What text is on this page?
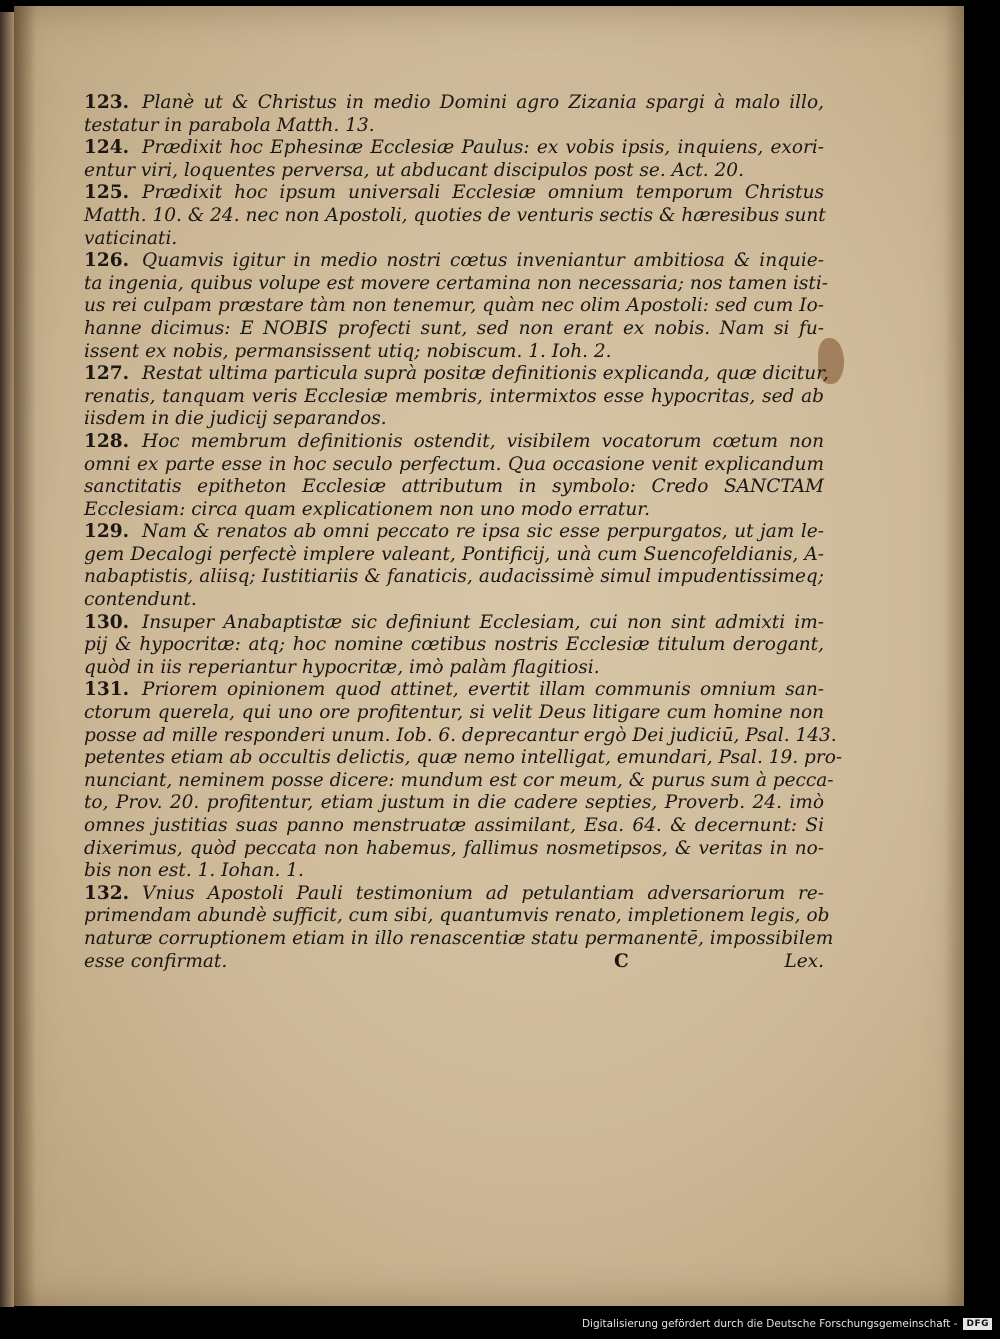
123. Planè ut & Christus in medio Domini agro Zizania spargi à malo illo,
testatur in parabola Matth. 13.
124. Prædixit hoc Ephesinæ Ecclesiæ Paulus: ex vobis ipsis, inquiens, exori-
entur viri, loquentes perversa, ut abducant discipulos post se. Act. 20.
125. Prædixit hoc ipsum universali Ecclesiæ omnium temporum Christus
Matth. 10. & 24. nec non Apostoli, quoties de venturis sectis & hæresibus sunt
vaticinati.
126. Quamvis igitur in medio nostri cœtus inveniantur ambitiosa & inquie-
ta ingenia, quibus volupe est movere certamina non necessaria; nos tamen isti-
us rei culpam præstare tàm non tenemur, quàm nec olim Apostoli: sed cum Io-
hanne dicimus: E NOBIS profecti sunt, sed non erant ex nobis. Nam si fu-
issent ex nobis, permansissent utiq; nobiscum. 1. Ioh. 2.
127. Restat ultima particula suprà positæ definitionis explicanda, quæ dicitur,
renatis, tanquam veris Ecclesiæ membris, intermixtos esse hypocritas, sed ab
iisdem in die judicij separandos.
128. Hoc membrum definitionis ostendit, visibilem vocatorum cœtum non
omni ex parte esse in hoc seculo perfectum. Qua occasione venit explicandum
sanctitatis epitheton Ecclesiæ attributum in symbolo: Credo SANCTAM
Ecclesiam: circa quam explicationem non uno modo erratur.
129. Nam & renatos ab omni peccato re ipsa sic esse perpurgatos, ut jam le-
gem Decalogi perfectè implere valeant, Pontificij, unà cum Suencofeldianis, A-
nabaptistis, aliisq; Iustitiariis & fanaticis, audacissimè simul impudentissimeq;
contendunt.
130. Insuper Anabaptistæ sic definiunt Ecclesiam, cui non sint admixti im-
pij & hypocritæ: atq; hoc nomine cœtibus nostris Ecclesiæ titulum derogant,
quòd in iis reperiantur hypocritæ, imò palàm flagitiosi.
131. Priorem opinionem quod attinet, evertit illam communis omnium san-
ctorum querela, qui uno ore profitentur, si velit Deus litigare cum homine non
posse ad mille responderi unum. Iob. 6. deprecantur ergò Dei judiciū, Psal. 143.
petentes etiam ab occultis delictis, quæ nemo intelligat, emundari, Psal. 19. pro-
nunciant, neminem posse dicere: mundum est cor meum, & purus sum à pecca-
to, Prov. 20. profitentur, etiam justum in die cadere septies, Proverb. 24. imò
omnes justitias suas panno menstruatæ assimilant, Esa. 64. & decernunt: Si
dixerimus, quòd peccata non habemus, fallimus nosmetipsos, & veritas in no-
bis non est. 1. Iohan. 1.
132. Vnius Apostoli Pauli testimonium ad petulantiam adversariorum re-
primendam abundè sufficit, cum sibi, quantumvis renato, impletionem legis, ob
naturæ corruptionem etiam in illo renascentiæ statu permanentē, impossibilem
esse confirmat.	C	Lex.
Digitalisierung gefördert durch die Deutsche Forschungsgemeinschaft -	DFG
